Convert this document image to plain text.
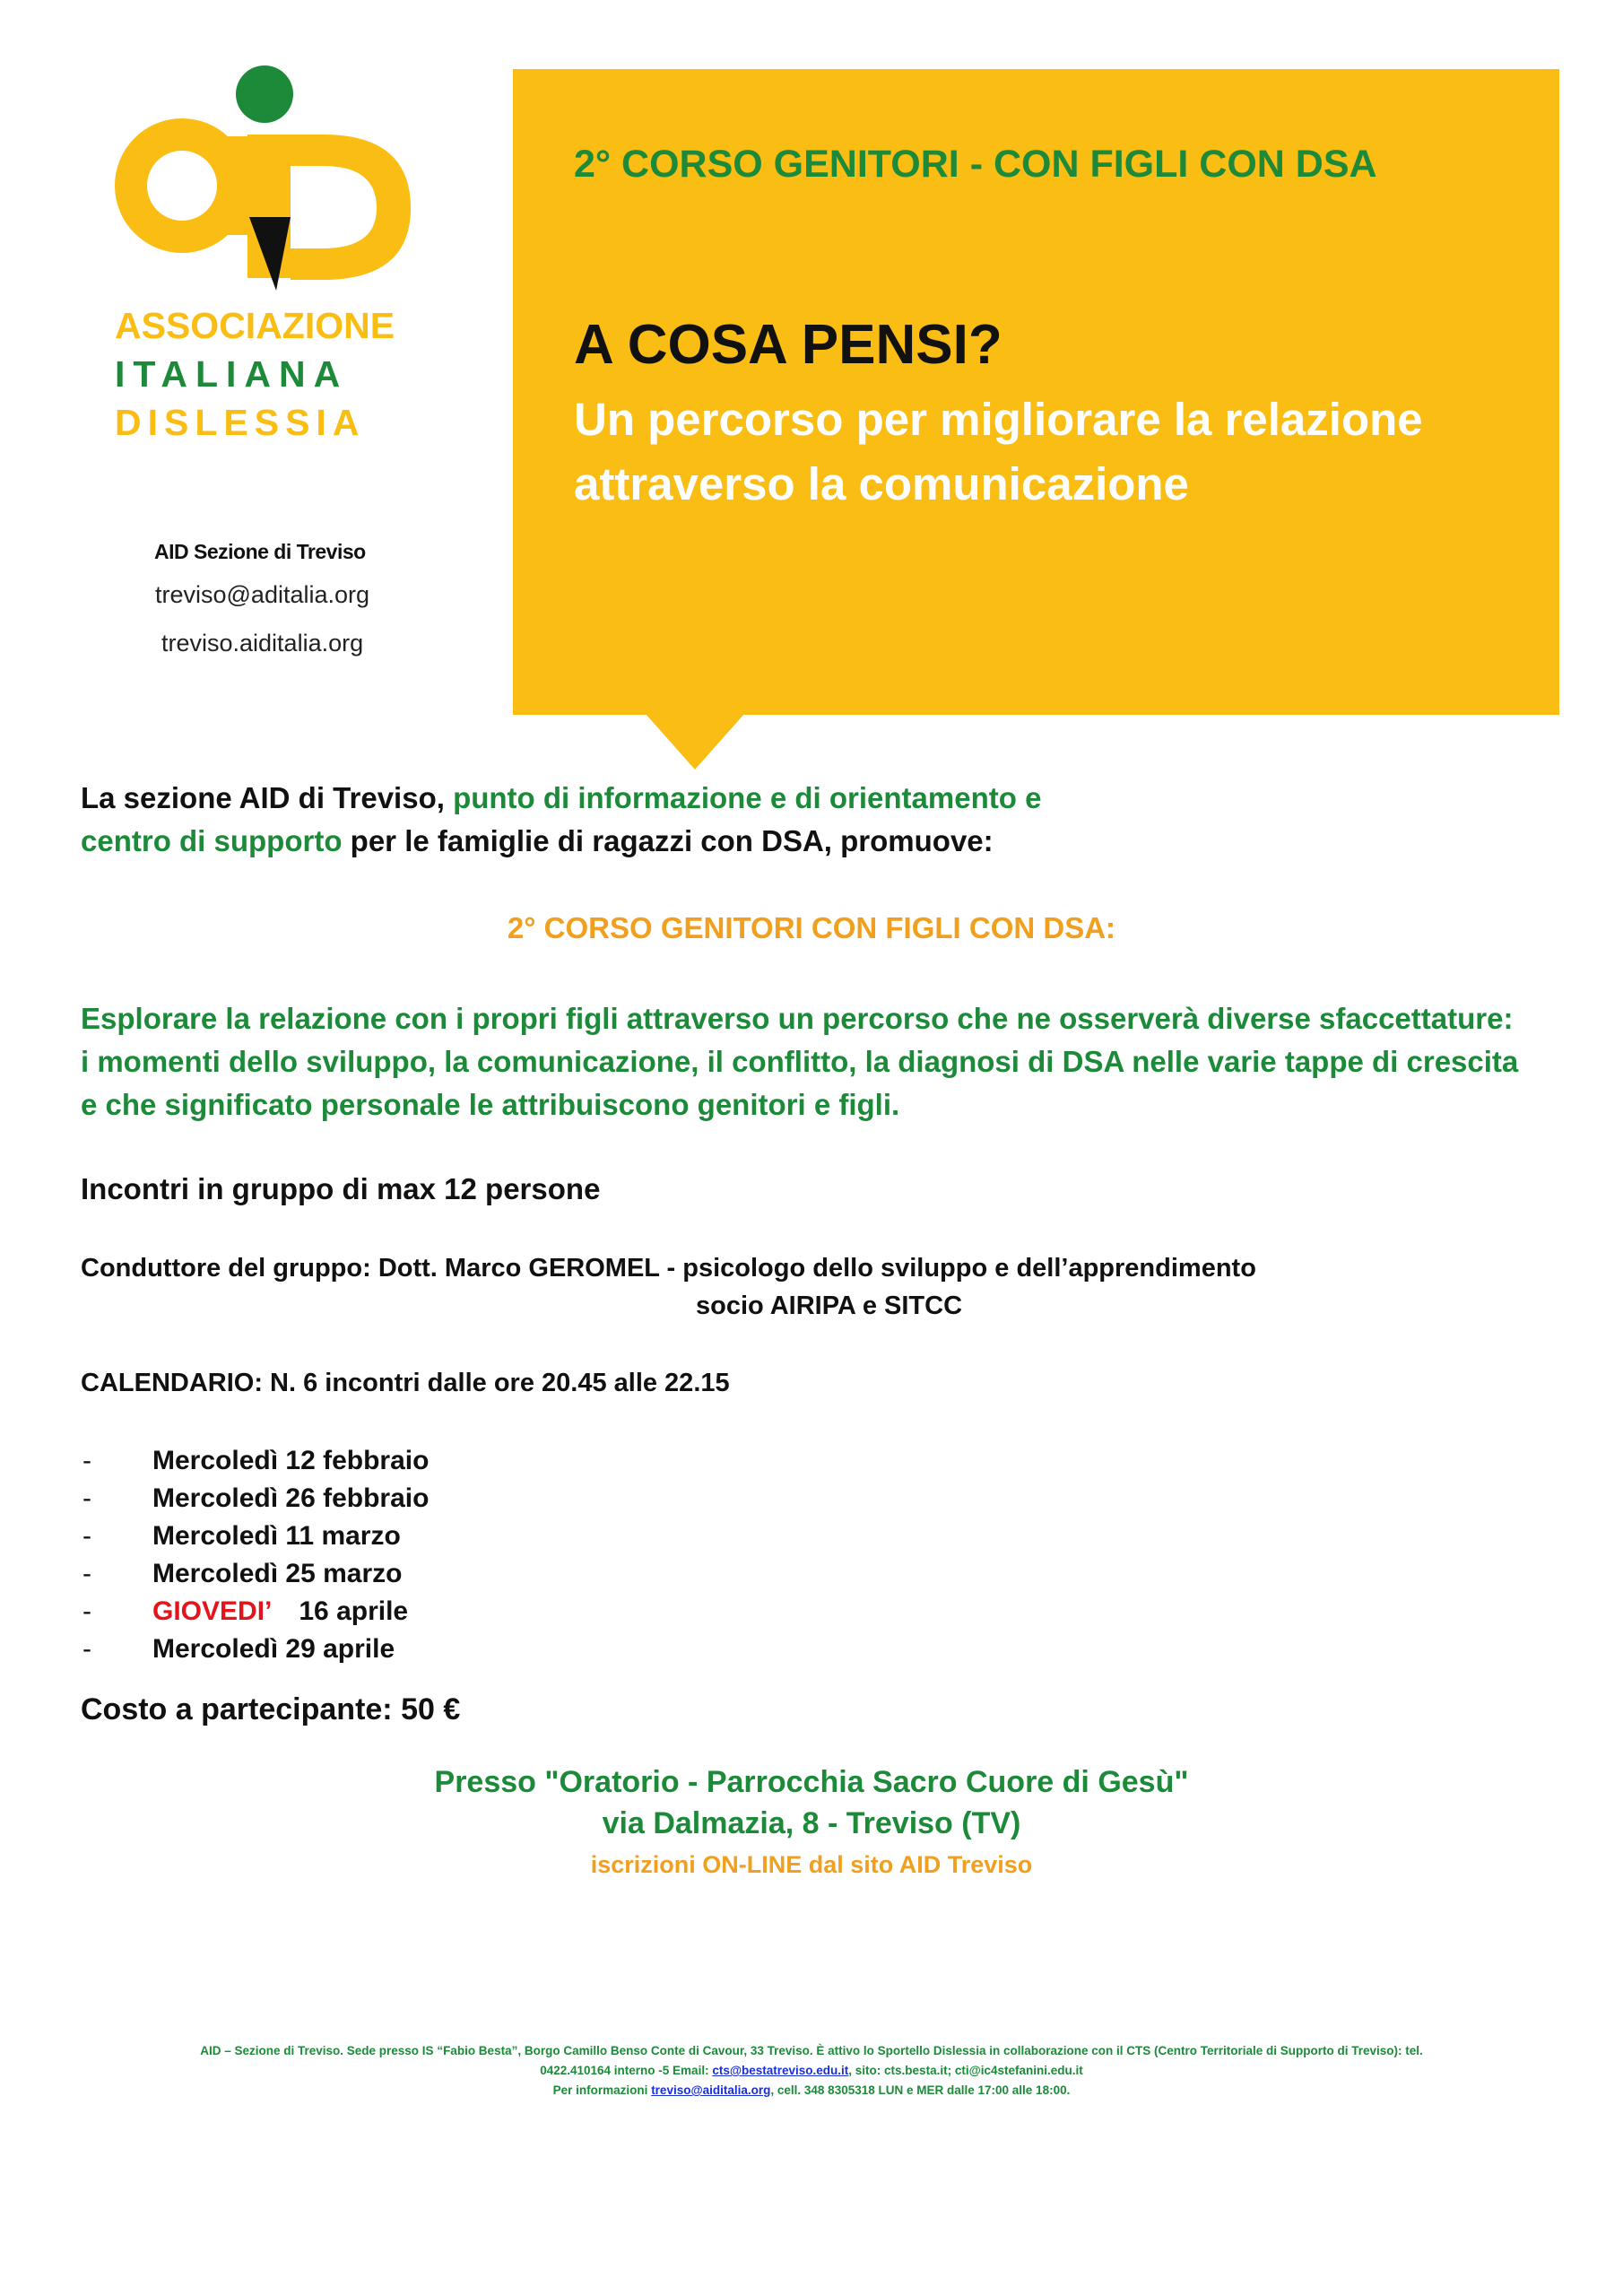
ASSOCIAZIONE
ITALIANA
DISLESSIA
AID Sezione di Treviso
treviso@aditalia.org
treviso.aiditalia.org
2° CORSO GENITORI - CON FIGLI CON DSA
A COSA PENSI?
Un percorso per migliorare la relazione
attraverso la comunicazione
La sezione AID di Treviso, punto di informazione e di orientamento e
centro di supporto per le famiglie di ragazzi con DSA, promuove:
2° CORSO GENITORI CON FIGLI CON DSA:
Esplorare la relazione con i propri figli attraverso un percorso che ne osserverà diverse sfaccettature:
i momenti dello sviluppo, la comunicazione, il conflitto, la diagnosi di DSA nelle varie tappe di crescita
e che significato personale le attribuiscono genitori e figli.
Incontri in gruppo di max 12 persone
Conduttore del gruppo: Dott. Marco GEROMEL - psicologo dello sviluppo e dell’apprendimento
socio AIRIPA e SITCC
CALENDARIO: N. 6 incontri dalle ore 20.45 alle 22.15
- Mercoledì 12 febbraio
- Mercoledì 26 febbraio
- Mercoledì 11 marzo
- Mercoledì 25 marzo
- GIOVEDI’ 16 aprile
- Mercoledì 29 aprile
Costo a partecipante: 50 €
Presso "Oratorio - Parrocchia Sacro Cuore di Gesù"
via Dalmazia, 8 - Treviso (TV)
iscrizioni ON-LINE dal sito AID Treviso
AID – Sezione di Treviso. Sede presso IS “Fabio Besta”, Borgo Camillo Benso Conte di Cavour, 33 Treviso. È attivo lo Sportello Dislessia in collaborazione con il CTS (Centro Territoriale di Supporto di Treviso): tel.
0422.410164 interno -5 Email: cts@bestatreviso.edu.it, sito: cts.besta.it; cti@ic4stefanini.edu.it
Per informazioni treviso@aiditalia.org, cell. 348 8305318 LUN e MER dalle 17:00 alle 18:00.
